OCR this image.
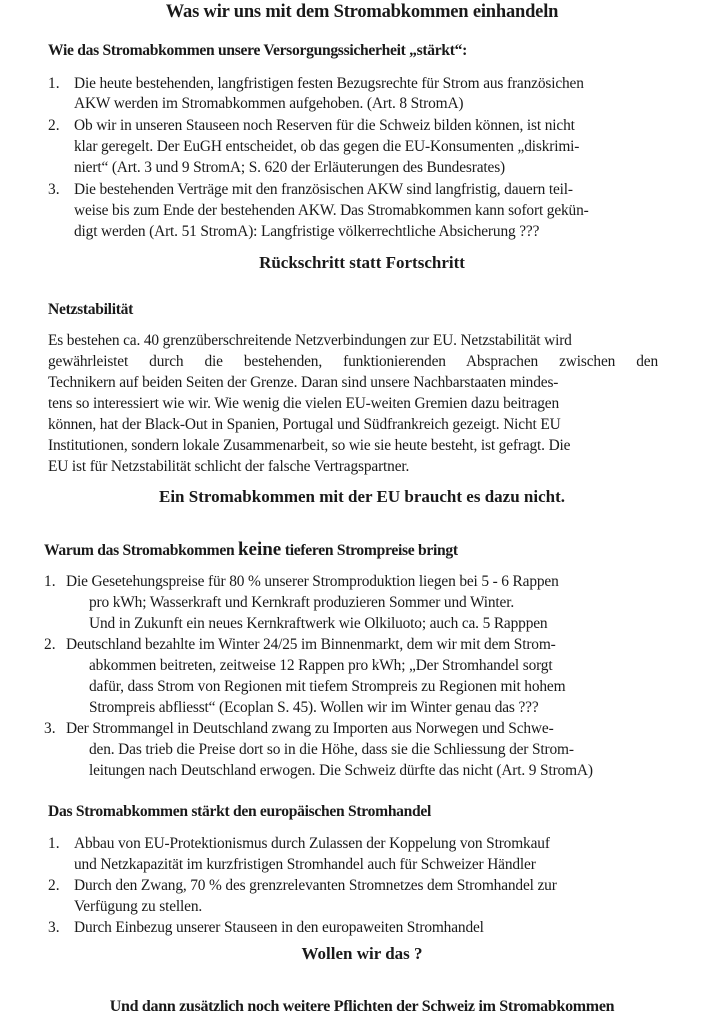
Was wir uns mit dem Stromabkommen einhandeln
Wie das Stromabkommen unsere Versorgungssicherheit „stärkt“:
1. Die heute bestehenden, langfristigen festen Bezugsrechte für Strom aus französichen
AKW werden im Stromabkommen aufgehoben. (Art. 8 StromA)
2. Ob wir in unseren Stauseen noch Reserven für die Schweiz bilden können, ist nicht
klar geregelt. Der EuGH entscheidet, ob das gegen die EU-Konsumenten „diskrimi-
niert“ (Art. 3 und 9 StromA; S. 620 der Erläuterungen des Bundesrates)
3. Die bestehenden Verträge mit den französischen AKW sind langfristig, dauern teil-
weise bis zum Ende der bestehenden AKW. Das Stromabkommen kann sofort gekün-
digt werden (Art. 51 StromA): Langfristige völkerrechtliche Absicherung ???
Rückschritt statt Fortschritt
Netzstabilität
Es bestehen ca. 40 grenzüberschreitende Netzverbindungen zur EU. Netzstabilität wird
gewährleistet durch die bestehenden, funktionierenden Absprachen zwischen den
Technikern auf beiden Seiten der Grenze. Daran sind unsere Nachbarstaaten mindes-
tens so interessiert wie wir. Wie wenig die vielen EU-weiten Gremien dazu beitragen
können, hat der Black-Out in Spanien, Portugal und Südfrankreich gezeigt. Nicht EU
Institutionen, sondern lokale Zusammenarbeit, so wie sie heute besteht, ist gefragt. Die
EU ist für Netzstabilität schlicht der falsche Vertragspartner.
Ein Stromabkommen mit der EU braucht es dazu nicht.
Warum das Stromabkommen keine tieferen Strompreise bringt
1. Die Gesetehungspreise für 80 % unserer Stromproduktion liegen bei 5 - 6 Rappen
pro kWh; Wasserkraft und Kernkraft produzieren Sommer und Winter.
Und in Zukunft ein neues Kernkraftwerk wie Olkiluoto; auch ca. 5 Rapppen
2. Deutschland bezahlte im Winter 24/25 im Binnenmarkt, dem wir mit dem Strom-
abkommen beitreten, zeitweise 12 Rappen pro kWh; „Der Stromhandel sorgt
dafür, dass Strom von Regionen mit tiefem Strompreis zu Regionen mit hohem
Strompreis abfliesst“ (Ecoplan S. 45). Wollen wir im Winter genau das ???
3. Der Strommangel in Deutschland zwang zu Importen aus Norwegen und Schwe-
den. Das trieb die Preise dort so in die Höhe, dass sie die Schliessung der Strom-
leitungen nach Deutschland erwogen. Die Schweiz dürfte das nicht (Art. 9 StromA)
Das Stromabkommen stärkt den europäischen Stromhandel
1. Abbau von EU-Protektionismus durch Zulassen der Koppelung von Stromkauf
und Netzkapazität im kurzfristigen Stromhandel auch für Schweizer Händler
2. Durch den Zwang, 70 % des grenzrelevanten Stromnetzes dem Stromhandel zur
Verfügung zu stellen.
3. Durch Einbezug unserer Stauseen in den europaweiten Stromhandel
Wollen wir das ?
Und dann zusätzlich noch weitere Pflichten der Schweiz im Stromabkommen
